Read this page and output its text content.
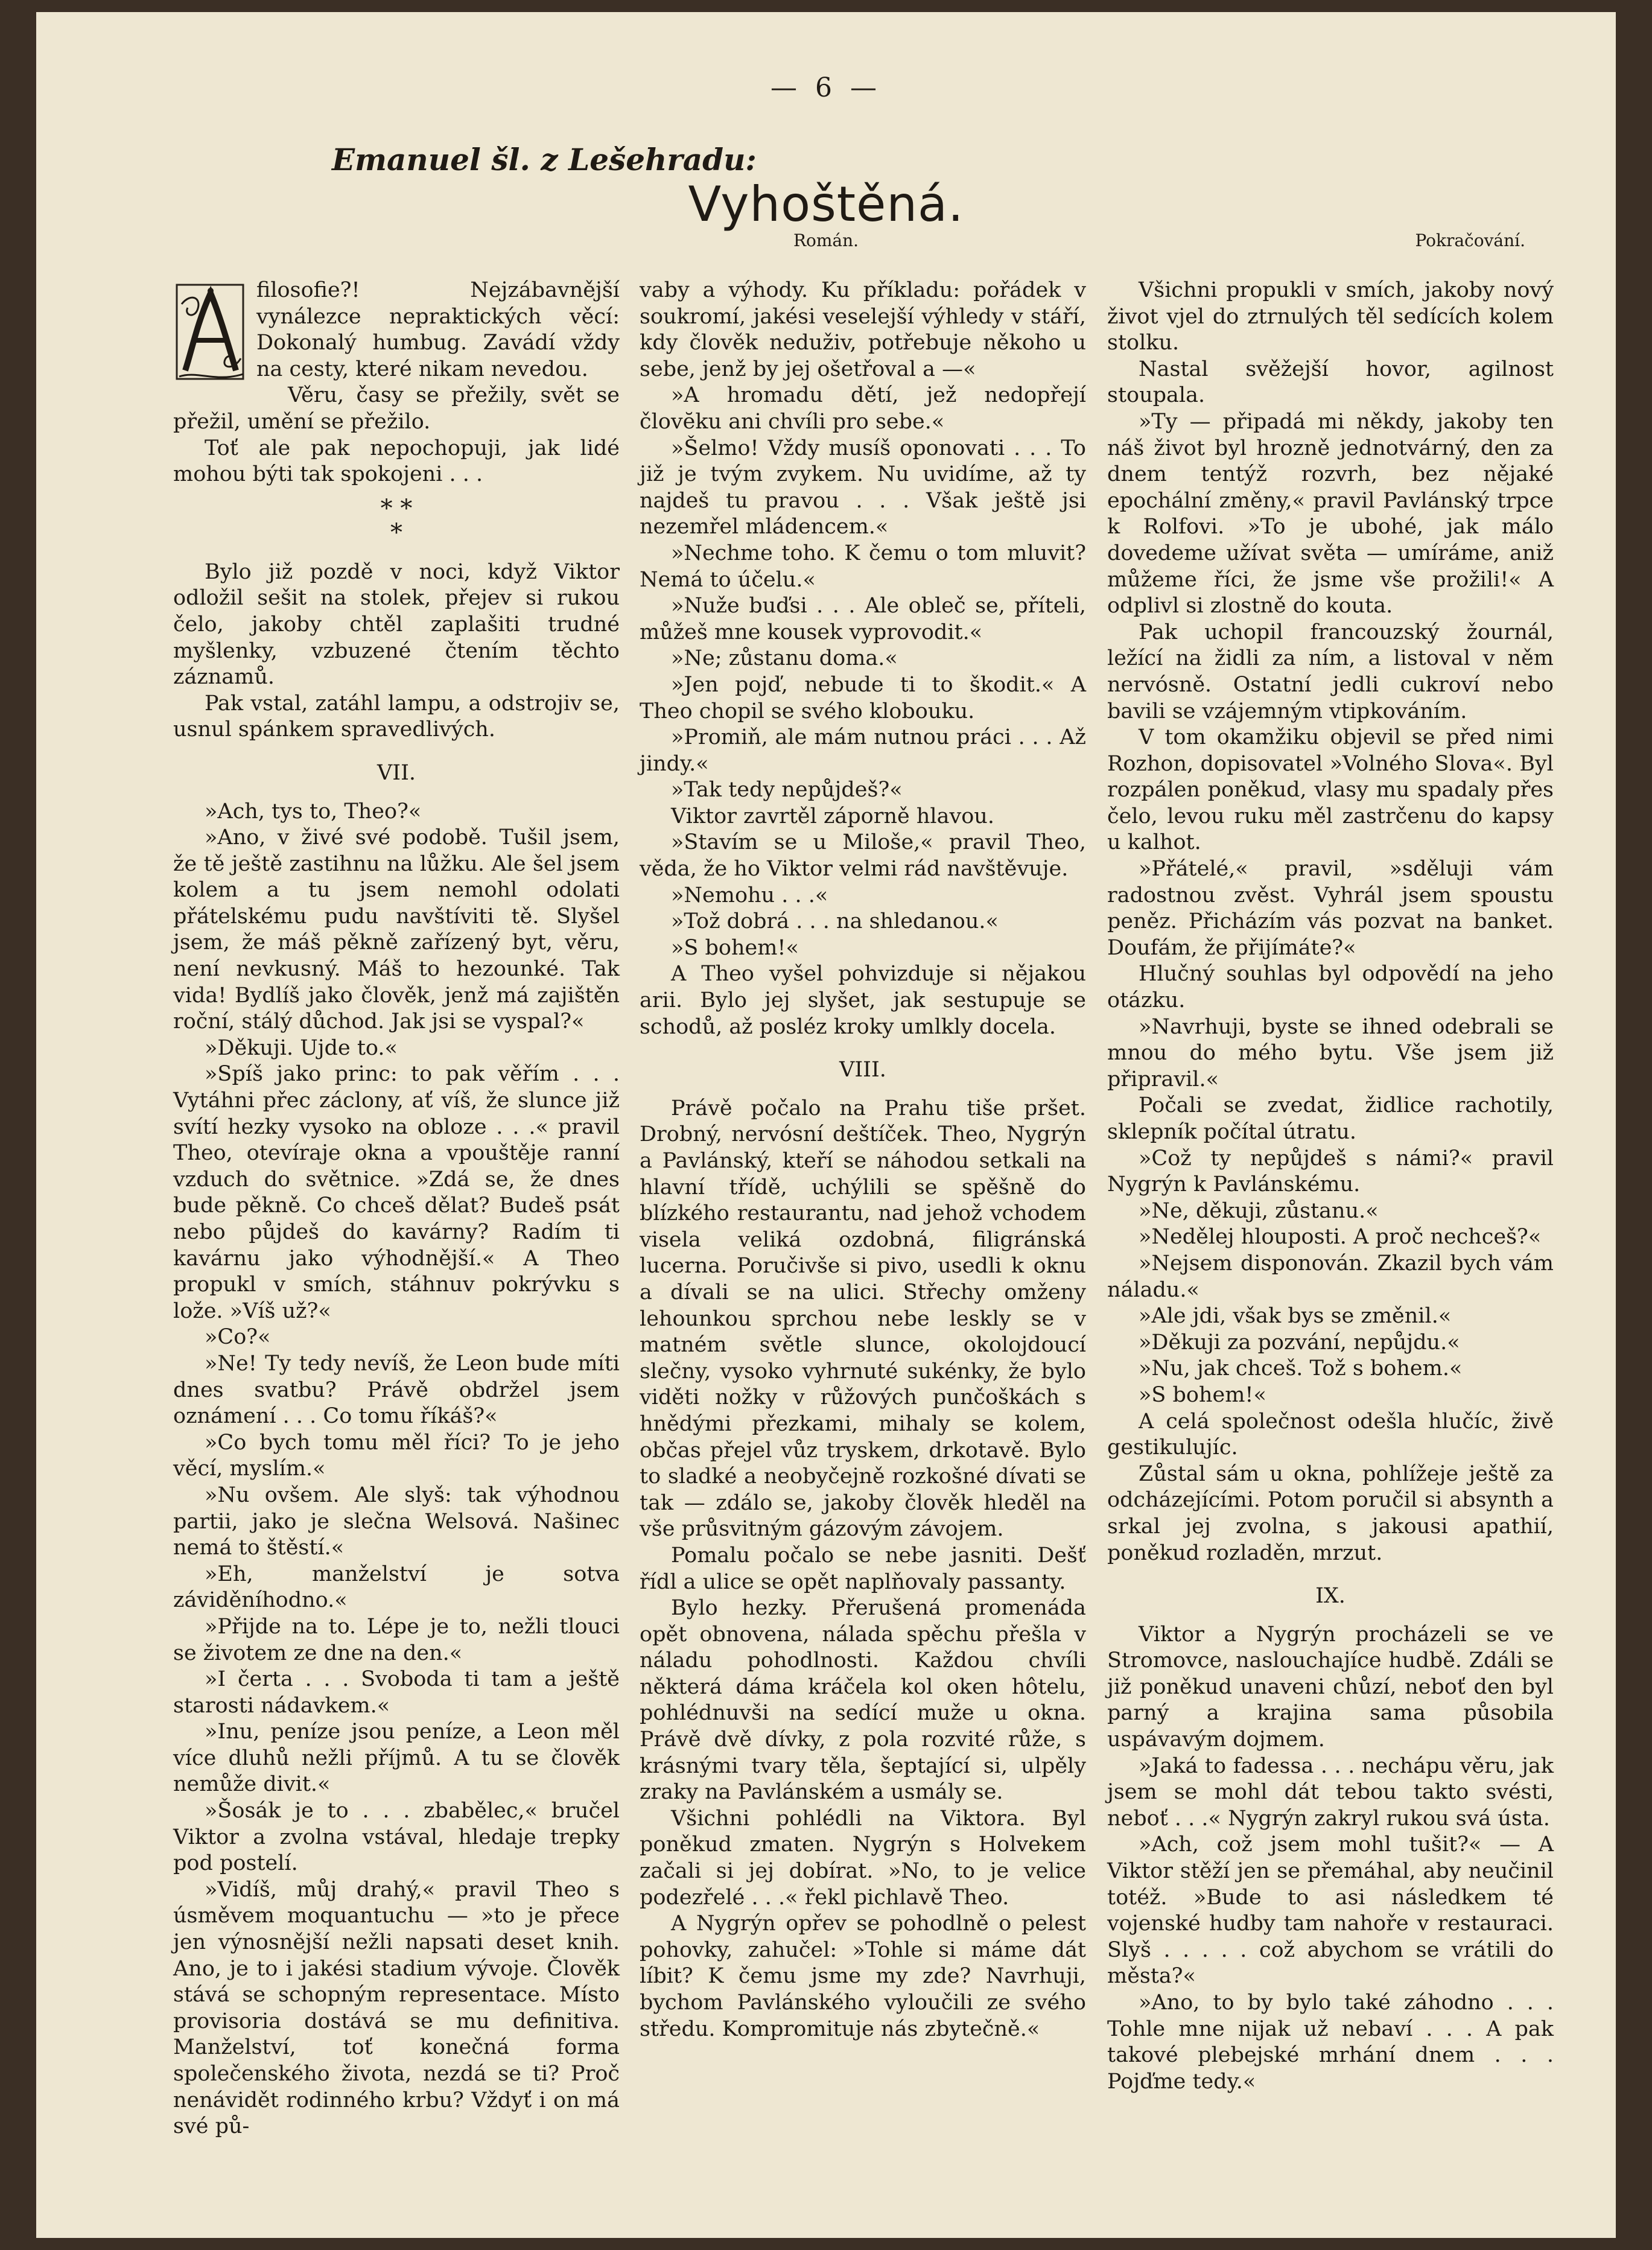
— 6 —
Emanuel šl. z Lešehradu:
Vyhoštěná.
Román.	Pokračování.

filosofie?! Nejzábavnější vynálezce nepraktických věcí: Dokonalý humbug. Zavádí vždy na cesty, které nikam nevedou.

Věru, časy se přežily, svět se přežil, umění se přežilo.

Toť ale pak nepochopuji, jak lidé mohou býti tak spokojeni . . .

* *
*

Bylo již pozdě v noci, když Viktor odložil sešit na stolek, přejev si rukou čelo, jakoby chtěl zaplašiti trudné myšlenky, vzbuzené čtením těchto záznamů.

Pak vstal, zatáhl lampu, a odstrojiv se, usnul spánkem spravedlivých.

VII.

»Ach, tys to, Theo?«

»Ano, v živé své podobě. Tušil jsem, že tě ještě zastihnu na lůžku. Ale šel jsem kolem a tu jsem nemohl odolati přátelskému pudu navštíviti tě. Slyšel jsem, že máš pěkně zařízený byt, věru, není nevkusný. Máš to hezounké. Tak vida! Bydlíš jako člověk, jenž má zajištěn roční, stálý důchod. Jak jsi se vyspal?«

»Děkuji. Ujde to.«

»Spíš jako princ: to pak věřím . . . Vytáhni přec záclony, ať víš, že slunce již svítí hezky vysoko na obloze . . .« pravil Theo, otevíraje okna a vpouštěje ranní vzduch do světnice. »Zdá se, že dnes bude pěkně. Co chceš dělat? Budeš psát nebo půjdeš do kavárny? Radím ti kavárnu jako výhodnější.« A Theo propukl v smích, stáhnuv pokrývku s lože. »Víš už?«

»Co?«

»Ne! Ty tedy nevíš, že Leon bude míti dnes svatbu? Právě obdržel jsem oznámení . . . Co tomu říkáš?«

»Co bych tomu měl říci? To je jeho věcí, myslím.«

»Nu ovšem. Ale slyš: tak výhodnou partii, jako je slečna Welsová. Našinec nemá to štěstí.«

»Eh, manželství je sotva záviděníhodno.«

»Přijde na to. Lépe je to, nežli tlouci se životem ze dne na den.«

»I čerta . . . Svoboda ti tam a ještě starosti nádavkem.«

»Inu, peníze jsou peníze, a Leon měl více dluhů nežli příjmů. A tu se člověk nemůže divit.«

»Šosák je to . . . zbabělec,« bručel Viktor a zvolna vstával, hledaje trepky pod postelí.

»Vidíš, můj drahý,« pravil Theo s úsměvem moquantuchu — »to je přece jen výnosnější nežli napsati deset knih. Ano, je to i jakési stadium vývoje. Člověk stává se schopným representace. Místo provisoria dostává se mu definitiva. Manželství, toť konečná forma společenského života, nezdá se ti? Proč nenávidět rodinného krbu? Vždyť i on má své pů-

vaby a výhody. Ku příkladu: pořádek v soukromí, jakési veselejší výhledy v stáří, kdy člověk neduživ, potřebuje někoho u sebe, jenž by jej ošetřoval a —«

»A hromadu dětí, jež nedopřejí človĕku ani chvíli pro sebe.«

»Šelmo! Vždy musíš oponovati . . . To již je tvým zvykem. Nu uvidíme, až ty najdeš tu pravou . . . Však ještě jsi nezemřel mládencem.«

»Nechme toho. K čemu o tom mluvit? Nemá to účelu.«

»Nuže buďsi . . . Ale obleč se, příteli, můžeš mne kousek vyprovodit.«

»Ne; zůstanu doma.«

»Jen pojď, nebude ti to škodit.« A Theo chopil se svého klobouku.

»Promiň, ale mám nutnou práci . . . Až jindy.«

»Tak tedy nepůjdeš?«

Viktor zavrtěl záporně hlavou.

»Stavím se u Miloše,« pravil Theo, věda, že ho Viktor velmi rád navštěvuje.

»Nemohu . . .«

»Tož dobrá . . . na shledanou.«

»S bohem!«

A Theo vyšel pohvizduje si nějakou arii. Bylo jej slyšet, jak sestupuje se schodů, až posléz kroky umlkly docela.

VIII.

Právě počalo na Prahu tiše pršet. Drobný, nervósní deštíček. Theo, Nygrýn a Pavlánský, kteří se náhodou setkali na hlavní třídě, uchýlili se spěšně do blízkého restaurantu, nad jehož vchodem visela veliká ozdobná, filigránská lucerna. Poručivše si pivo, usedli k oknu a dívali se na ulici. Střechy omženy lehounkou sprchou nebe leskly se v matném světle slunce, okolojdoucí slečny, vysoko vyhrnuté sukénky, že bylo viděti nožky v růžových punčoškách s hnědými přezkami, mihaly se kolem, občas přejel vůz tryskem, drkotavě. Bylo to sladké a neobyčejně rozkošné dívati se tak — zdálo se, jakoby člověk hleděl na vše průsvitným gázovým závojem.

Pomalu počalo se nebe jasniti. Dešť řídl a ulice se opět naplňovaly passanty.

Bylo hezky. Přerušená promenáda opět obnovena, nálada spěchu přešla v náladu pohodlnosti. Každou chvíli některá dáma kráčela kol oken hôtelu, pohlédnuvši na sedící muže u okna. Právě dvě dívky, z pola rozvité růže, s krásnými tvary těla, šeptající si, ulpěly zraky na Pavlánském a usmály se.

Všichni pohlédli na Viktora. Byl poněkud zmaten. Nygrýn s Holvekem začali si jej dobírat. »No, to je velice podezřelé . . .« řekl pichlavě Theo.

A Nygrýn opřev se pohodlně o pelest pohovky, zahučel: »Tohle si máme dát líbit? K čemu jsme my zde? Navrhuji, bychom Pavlánského vyloučili ze svého středu. Kompromituje nás zbytečně.«

Všichni propukli v smích, jakoby nový život vjel do ztrnulých těl sedících kolem stolku.

Nastal svěžejší hovor, agilnost stoupala.

»Ty — připadá mi někdy, jakoby ten náš život byl hrozně jednotvárný, den za dnem tentýž rozvrh, bez nějaké epochální změny,« pravil Pavlánský trpce k Rolfovi. »To je ubohé, jak málo dovedeme užívat světa — umíráme, aniž můžeme říci, že jsme vše prožili!« A odplivl si zlostně do kouta.

Pak uchopil francouzský žournál, ležící na židli za ním, a listoval v něm nervósně. Ostatní jedli cukroví nebo bavili se vzájemným vtipkováním.

V tom okamžiku objevil se před nimi Rozhon, dopisovatel »Volného Slova«. Byl rozpálen poněkud, vlasy mu spadaly přes čelo, levou ruku měl zastrčenu do kapsy u kalhot.

»Přátelé,« pravil, »sděluji vám radostnou zvěst. Vyhrál jsem spoustu peněz. Přicházím vás pozvat na banket. Doufám, že přijímáte?«

Hlučný souhlas byl odpovědí na jeho otázku.

»Navrhuji, byste se ihned odebrali se mnou do mého bytu. Vše jsem již připravil.«

Počali se zvedat, židlice rachotily, sklepník počítal útratu.

»Což ty nepůjdeš s námi?« pravil Nygrýn k Pavlánskému.

»Ne, děkuji, zůstanu.«

»Nedělej hlouposti. A proč nechceš?«

»Nejsem disponován. Zkazil bych vám náladu.«

»Ale jdi, však bys se změnil.«

»Děkuji za pozvání, nepůjdu.«

»Nu, jak chceš. Tož s bohem.«

»S bohem!«

A celá společnost odešla hlučíc, živě gestikulujíc.

Zůstal sám u okna, pohlížeje ještě za odcházejícími. Potom poručil si absynth a srkal jej zvolna, s jakousi apathií, poněkud rozladěn, mrzut.

IX.

Viktor a Nygrýn procházeli se ve Stromovce, naslouchajíce hudbě. Zdáli se již poněkud unaveni chůzí, neboť den byl parný a krajina sama působila uspávavým dojmem.

»Jaká to fadessa . . . nechápu věru, jak jsem se mohl dát tebou takto svésti, neboť . . .« Nygrýn zakryl rukou svá ústa.

»Ach, což jsem mohl tušit?« — A Viktor stěží jen se přemáhal, aby neučinil totéž. »Bude to asi následkem té vojenské hudby tam nahoře v restauraci. Slyš . . . . . což abychom se vrátili do města?«

»Ano, to by bylo také záhodno . . . Tohle mne nijak už nebaví . . . A pak takové plebejské mrhání dnem . . . Pojďme tedy.«
